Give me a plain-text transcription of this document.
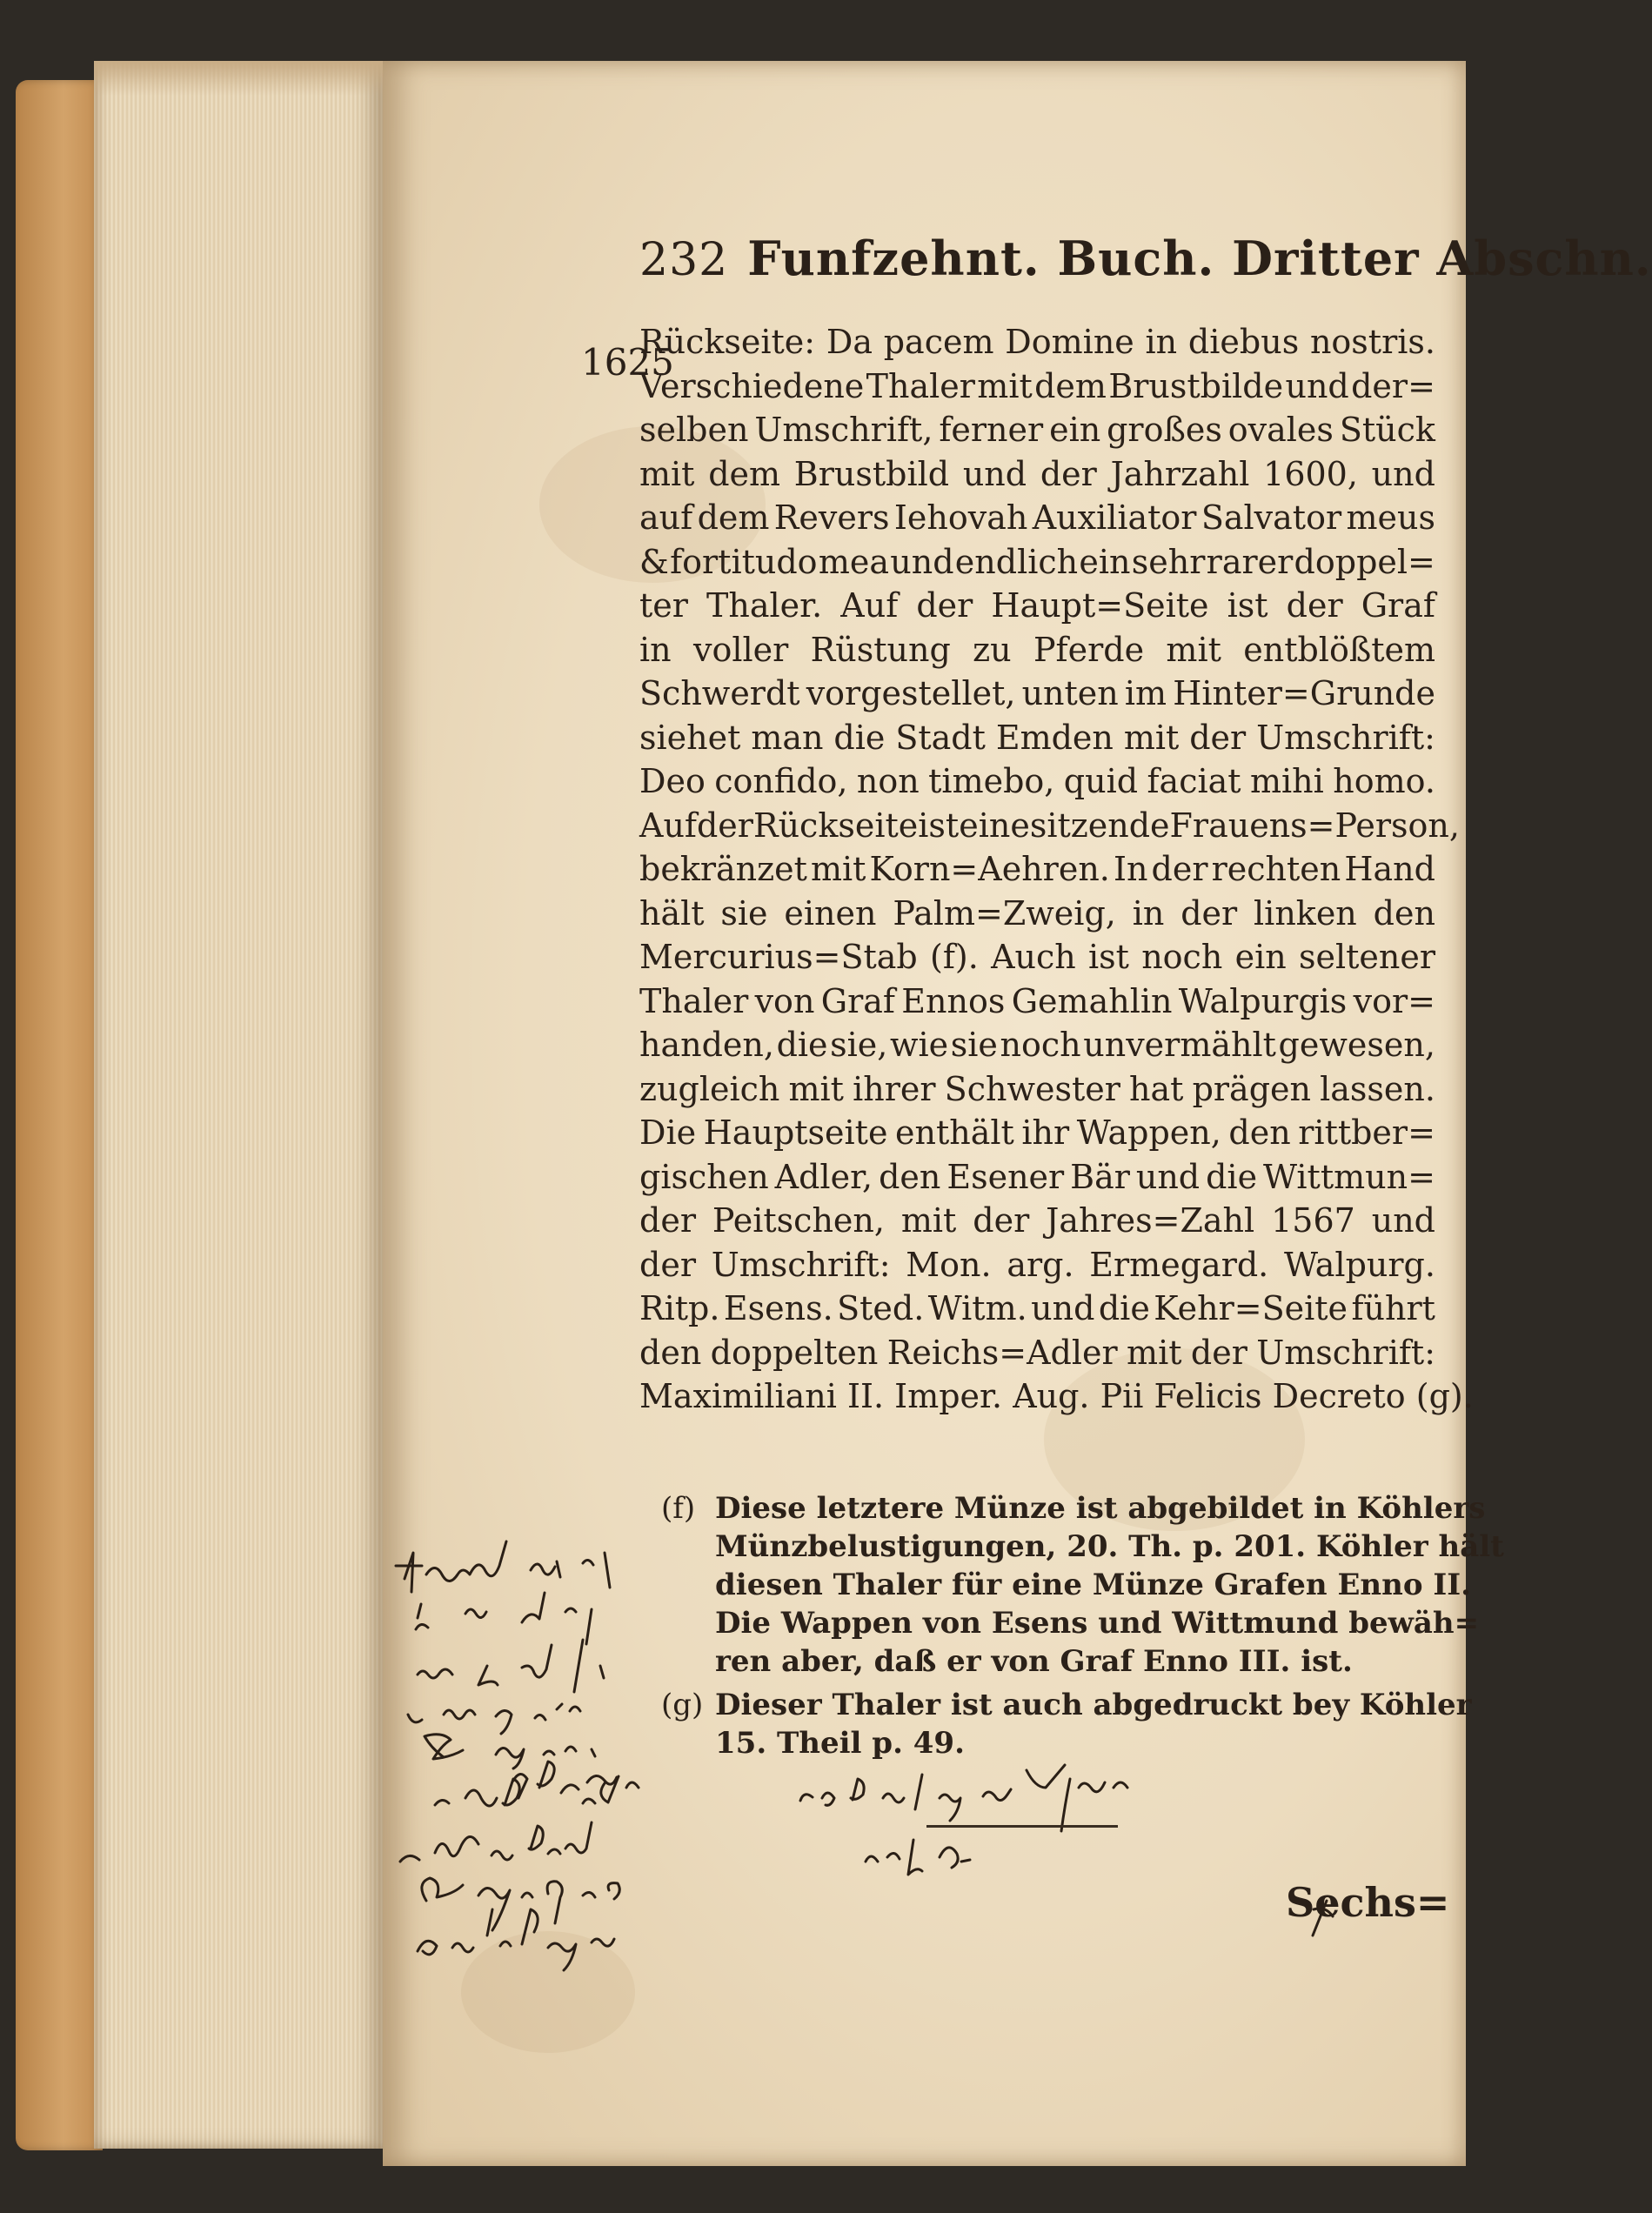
232 Funfzehnt. Buch. Dritter Abschn.
1625
Rückseite: Da pacem Domine in diebus nostris.
Verschiedene Thaler mit dem Brustbilde und der=
selben Umschrift, ferner ein großes ovales Stück
mit dem Brustbild und der Jahrzahl 1600, und
auf dem Revers Iehovah Auxiliator Salvator meus
& fortitudo mea und endlich ein sehr rarer doppel=
ter Thaler. Auf der Haupt=Seite ist der Graf
in voller Rüstung zu Pferde mit entblößtem
Schwerdt vorgestellet, unten im Hinter=Grunde
siehet man die Stadt Emden mit der Umschrift:
Deo confido, non timebo, quid faciat mihi homo.
Auf der Rückseite ist eine sitzende Frauens=Person,
bekränzet mit Korn=Aehren. In der rechten Hand
hält sie einen Palm=Zweig, in der linken den
Mercurius=Stab (f). Auch ist noch ein seltener
Thaler von Graf Ennos Gemahlin Walpurgis vor=
handen, die sie, wie sie noch unvermählt gewesen,
zugleich mit ihrer Schwester hat prägen lassen.
Die Hauptseite enthält ihr Wappen, den rittber=
gischen Adler, den Esener Bär und die Wittmun=
der Peitschen, mit der Jahres=Zahl 1567 und
der Umschrift: Mon. arg. Ermegard. Walpurg.
Ritp. Esens. Sted. Witm. und die Kehr=Seite führt
den doppelten Reichs=Adler mit der Umschrift:
Maximiliani II. Imper. Aug. Pii Felicis Decreto (g).
(f) Diese letztere Münze ist abgebildet in Köhlers
Münzbelustigungen, 20. Th. p. 201. Köhler hält
diesen Thaler für eine Münze Grafen Enno II.
Die Wappen von Esens und Wittmund bewäh=
ren aber, daß er von Graf Enno III. ist.
(g) Dieser Thaler ist auch abgedruckt bey Köhler
15. Theil p. 49.
Sechs=
